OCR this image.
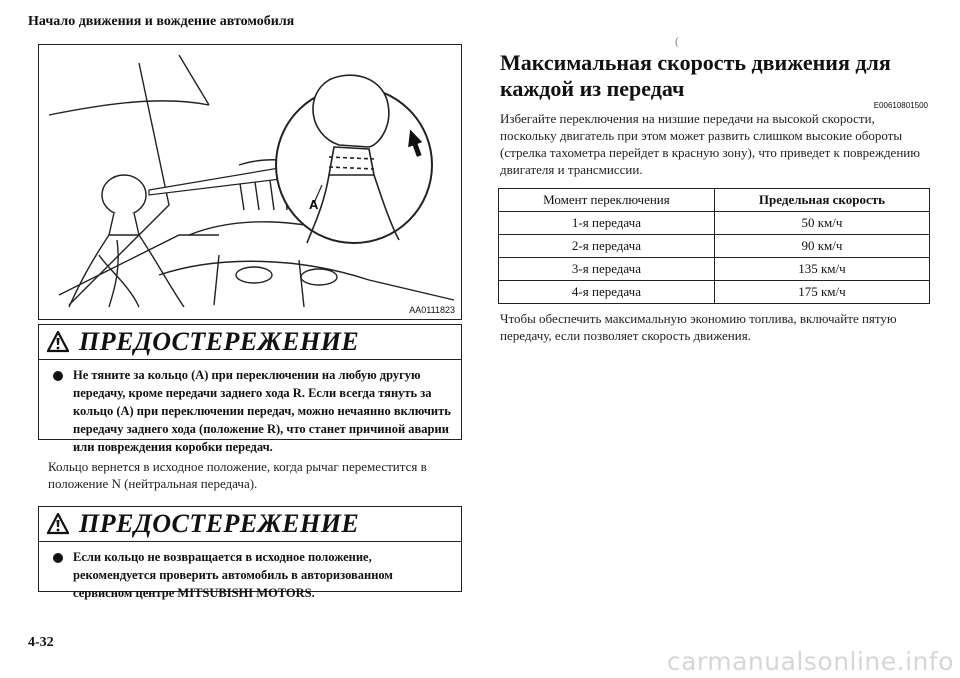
Начало движения и вождение автомобиля
A
AA0111823
ПРЕДОСТЕРЕЖЕНИЕ
Не тяните за кольцо (А) при переключении на любую другую передачу, кроме передачи заднего хода R. Если всегда тянуть за кольцо (А) при переключении передач, можно нечаянно включить передачу заднего хода (положение R), что станет причиной аварии или повреждения коробки передач.
Кольцо вернется в исходное положение, когда рычаг переместится в положение N (нейтральная передача).
ПРЕДОСТЕРЕЖЕНИЕ
Если кольцо не возвращается в исходное положение, рекомендуется проверить автомобиль в авторизованном сервисном центре MITSUBISHI MOTORS.
4-32
(
Максимальная скорость движения для каждой из передач
E00610801500
Избегайте переключения на низшие передачи на высокой скорости, поскольку двигатель при этом может развить слишком высокие обороты (стрелка тахометра перейдет в красную зону), что приведет к повреждению двигателя и трансмиссии.
Момент переключения	Предельная скорость
1-я передача	50 км/ч
2-я передача	90 км/ч
3-я передача	135 км/ч
4-я передача	175 км/ч
Чтобы обеспечить максимальную экономию топлива, включайте пятую передачу, если позволяет скорость движения.
carmanualsonline.info
